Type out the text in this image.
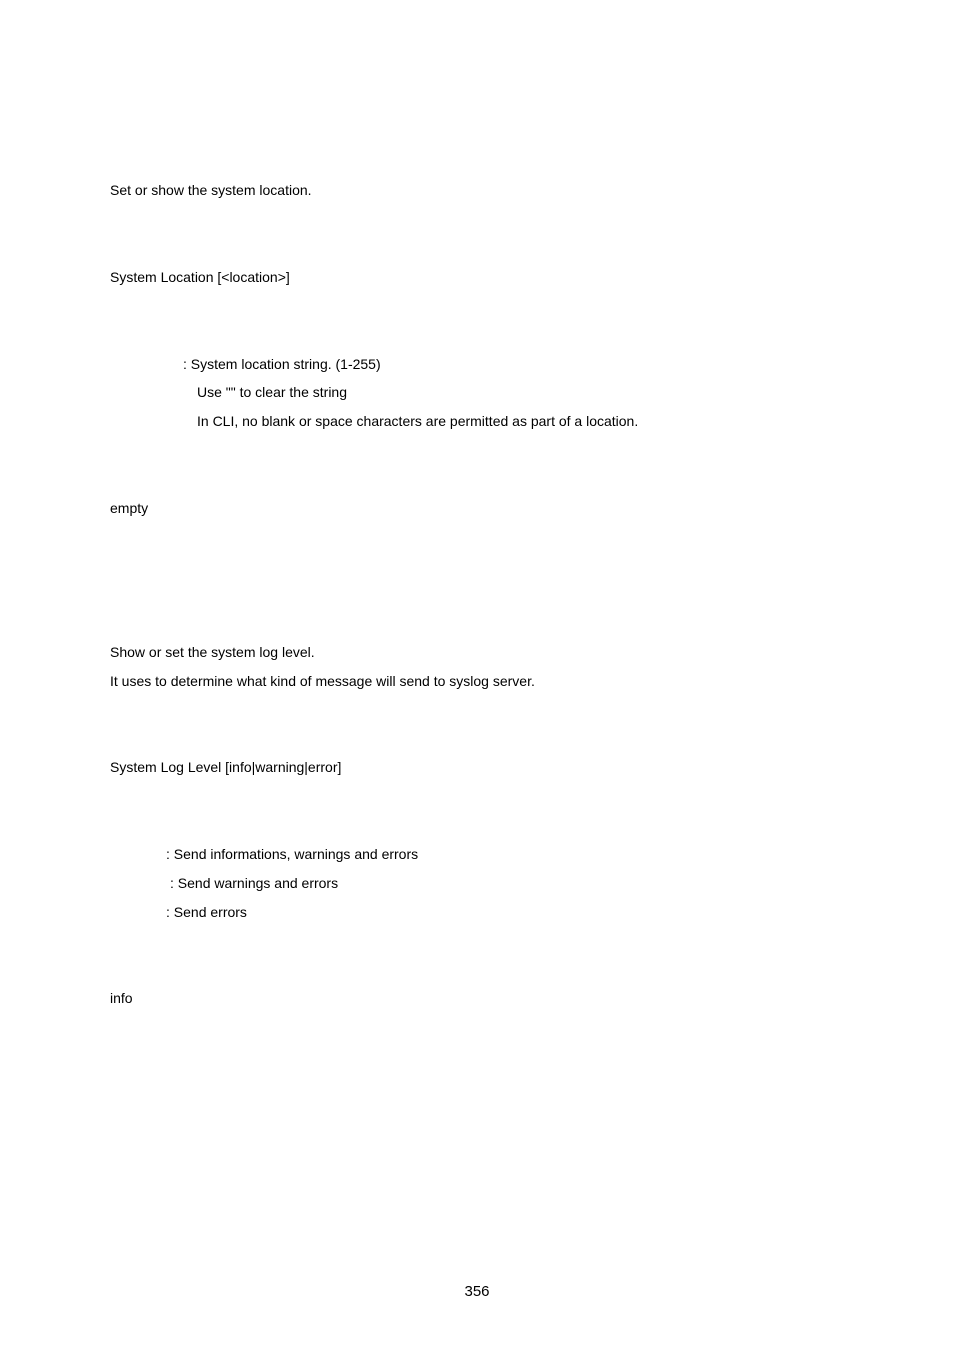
Set or show the system location.
System Location [<location>]
: System location string. (1-255)
Use "" to clear the string
In CLI, no blank or space characters are permitted as part of a location.
empty
Show or set the system log level.
It uses to determine what kind of message will send to syslog server.
System Log Level [info|warning|error]
: Send informations, warnings and errors
: Send warnings and errors
: Send errors
info
356
